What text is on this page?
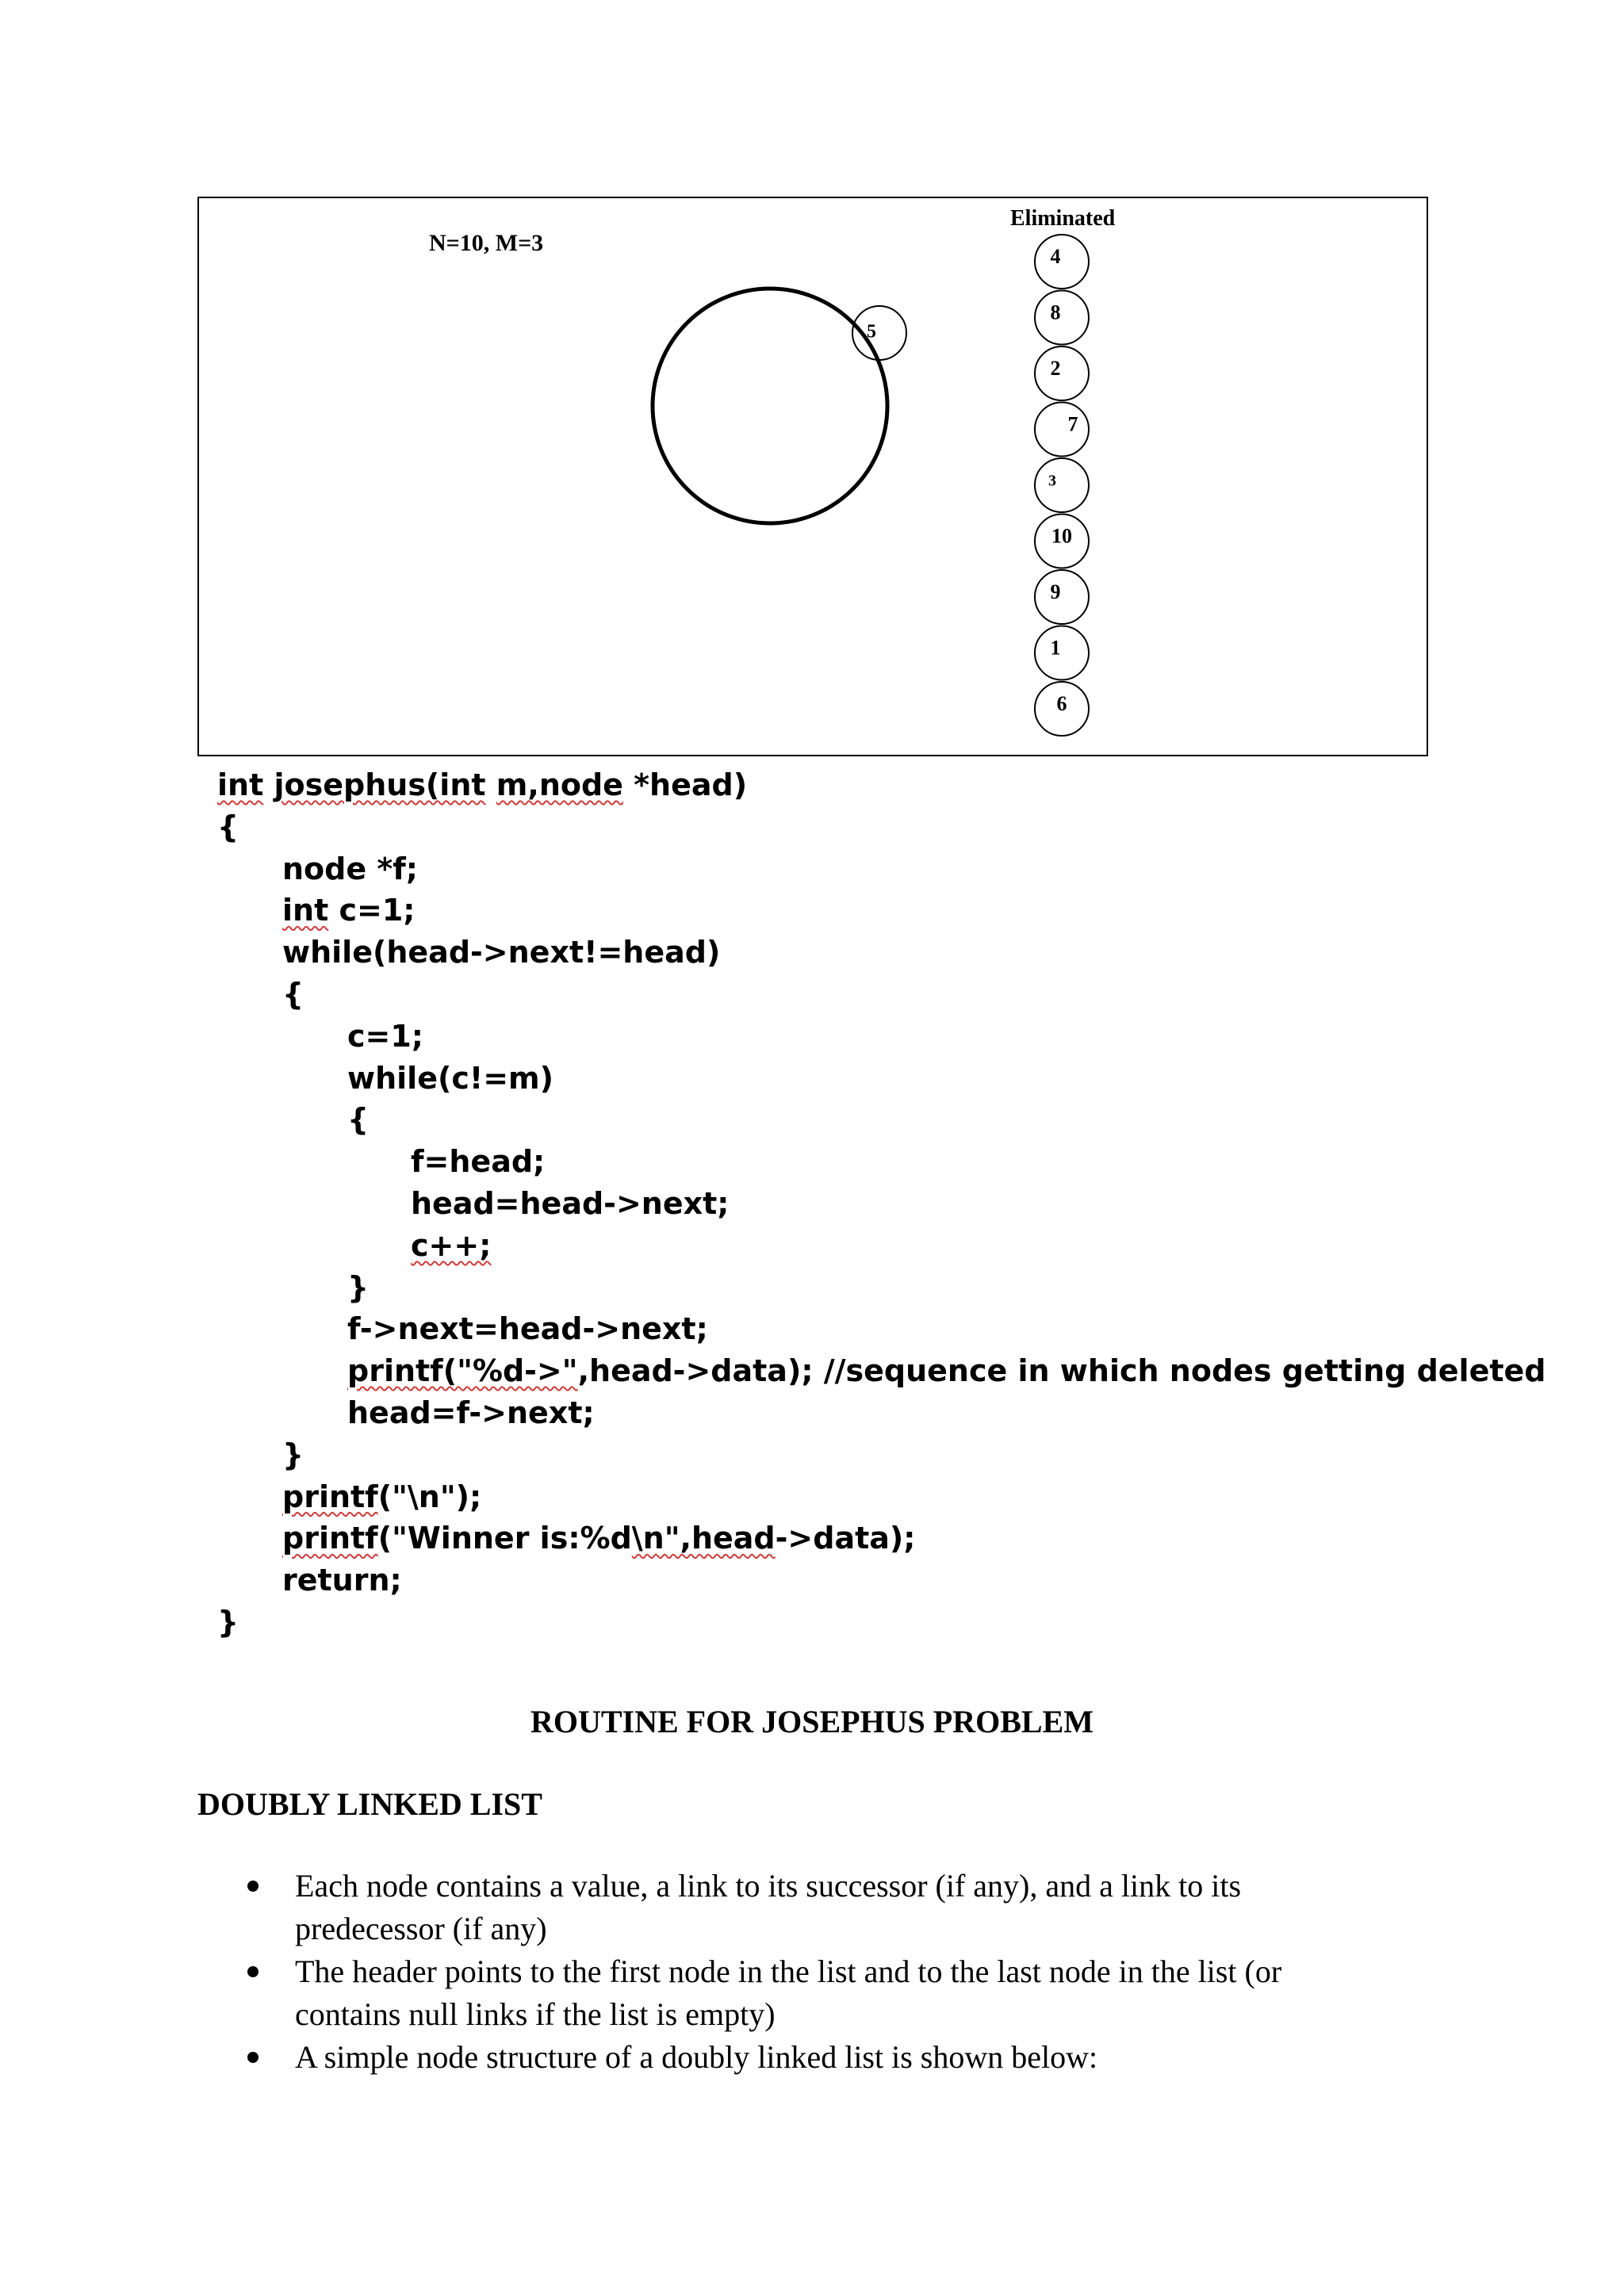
N=10, M=3
Eliminated
5
4
8
2
7
3
10
9
1
6
int josephus(int m,node *head)
{
node *f;
int c=1;
while(head->next!=head)
{
c=1;
while(c!=m)
{
f=head;
head=head->next;
c++;
}
f->next=head->next;
printf("%d->",head->data); //sequence in which nodes getting deleted
head=f->next;
}
printf("\n");
printf("Winner is:%d\n",head->data);
return;
}
ROUTINE FOR JOSEPHUS PROBLEM
DOUBLY LINKED LIST
Each node contains a value, a link to its successor (if any), and a link to its predecessor (if any)
The header points to the first node in the list and to the last node in the list (or contains null links if the list is empty)
A simple node structure of a doubly linked list is shown below:
